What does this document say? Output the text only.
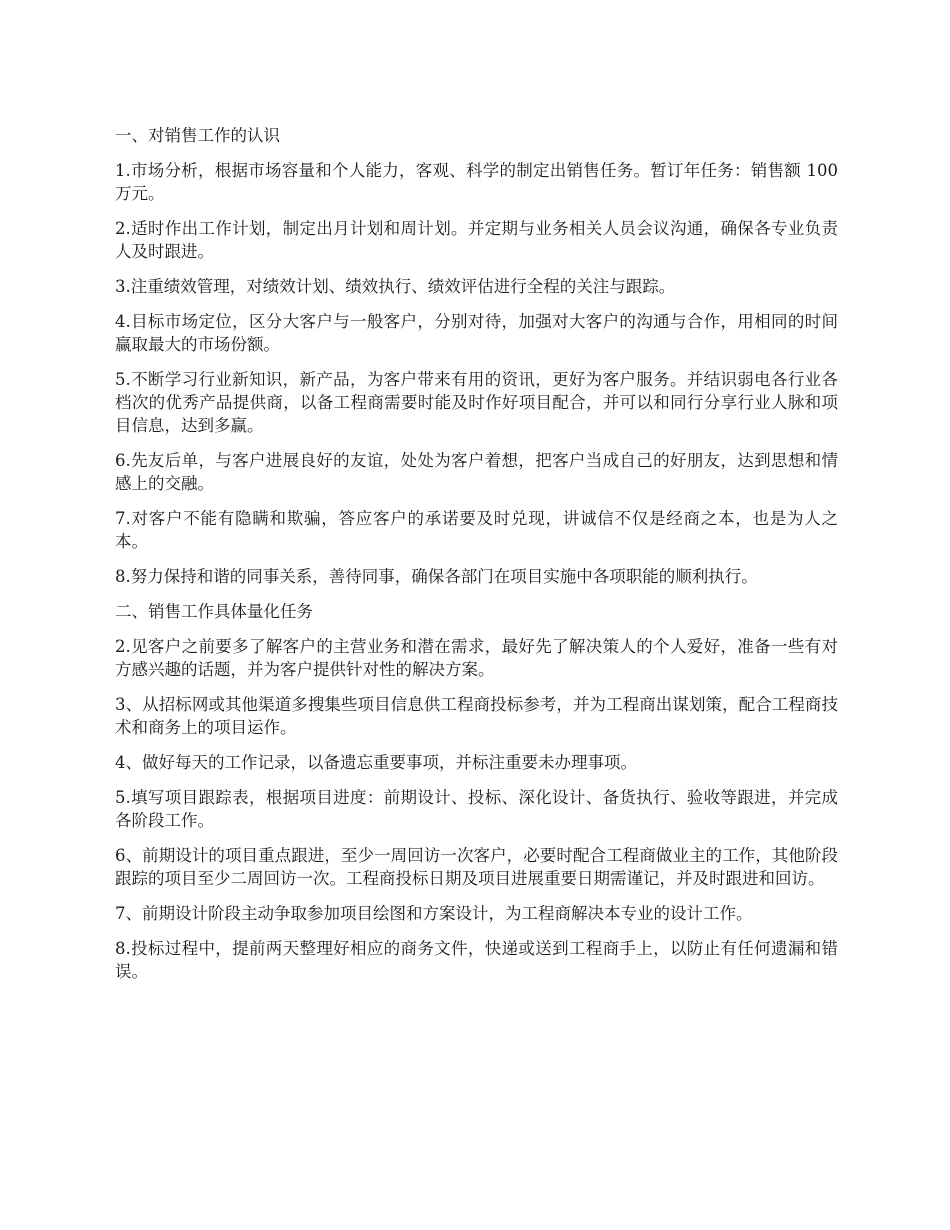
一、对销售工作的认识

1.市场分析，根据市场容量和个人能力，客观、科学的制定出销售任务。暂订年任务：销售额 100 万元。

2.适时作出工作计划，制定出月计划和周计划。并定期与业务相关人员会议沟通，确保各专业负责人及时跟进。

3.注重绩效管理，对绩效计划、绩效执行、绩效评估进行全程的关注与跟踪。

4.目标市场定位，区分大客户与一般客户，分别对待，加强对大客户的沟通与合作，用相同的时间赢取最大的市场份额。

5.不断学习行业新知识，新产品，为客户带来有用的资讯，更好为客户服务。并结识弱电各行业各档次的优秀产品提供商，以备工程商需要时能及时作好项目配合，并可以和同行分享行业人脉和项目信息，达到多赢。

6.先友后单，与客户进展良好的友谊，处处为客户着想，把客户当成自己的好朋友，达到思想和情感上的交融。

7.对客户不能有隐瞒和欺骗，答应客户的承诺要及时兑现，讲诚信不仅是经商之本，也是为人之本。

8.努力保持和谐的同事关系，善待同事，确保各部门在项目实施中各项职能的顺利执行。

二、销售工作具体量化任务

2.见客户之前要多了解客户的主营业务和潜在需求，最好先了解决策人的个人爱好，准备一些有对方感兴趣的话题，并为客户提供针对性的解决方案。

3、从招标网或其他渠道多搜集些项目信息供工程商投标参考，并为工程商出谋划策，配合工程商技术和商务上的项目运作。

4、做好每天的工作记录，以备遗忘重要事项，并标注重要未办理事项。

5.填写项目跟踪表，根据项目进度：前期设计、投标、深化设计、备货执行、验收等跟进，并完成各阶段工作。

6、前期设计的项目重点跟进，至少一周回访一次客户，必要时配合工程商做业主的工作，其他阶段跟踪的项目至少二周回访一次。工程商投标日期及项目进展重要日期需谨记，并及时跟进和回访。

7、前期设计阶段主动争取参加项目绘图和方案设计，为工程商解决本专业的设计工作。

8.投标过程中，提前两天整理好相应的商务文件，快递或送到工程商手上，以防止有任何遗漏和错误。
